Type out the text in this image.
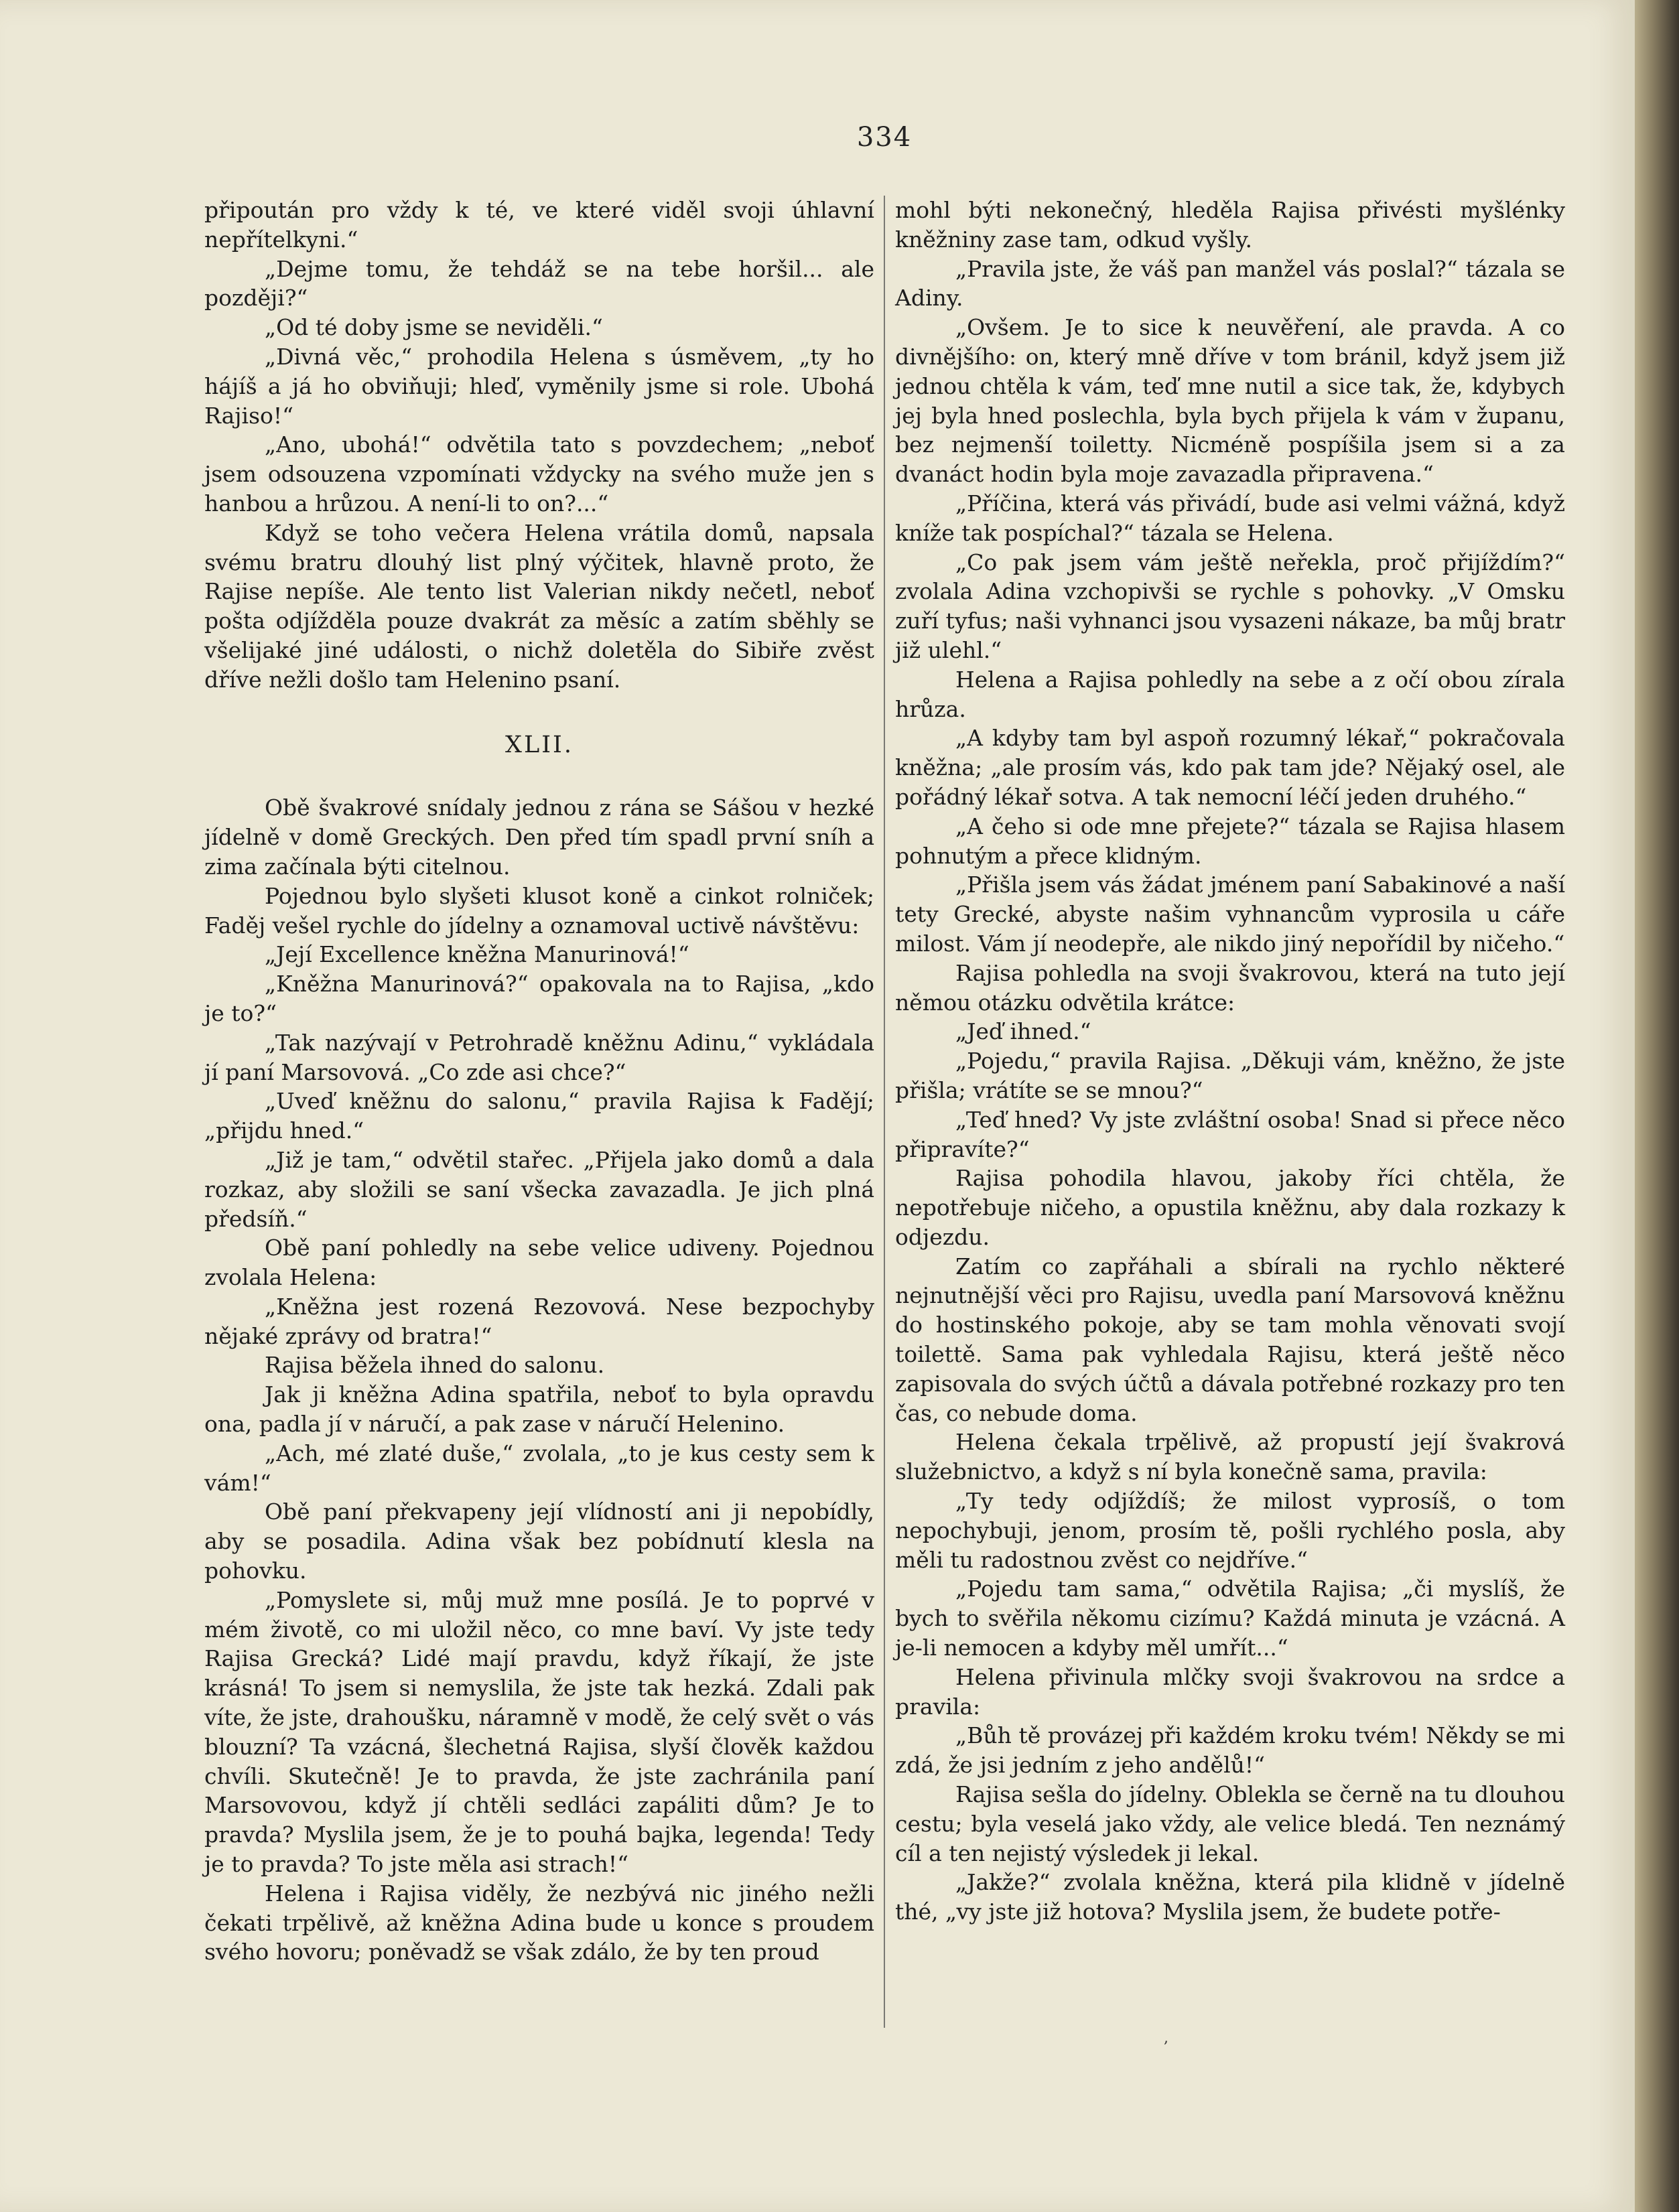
334

připoután pro vždy k té, ve které viděl svoji úhlavní nepřítelkyni.“

„Dejme tomu, že tehdáž se na tebe horšil... ale později?“

„Od té doby jsme se neviděli.“

„Divná věc,“ prohodila Helena s úsměvem, „ty ho hájíš a já ho obviňuji; hleď, vyměnily jsme si role. Ubohá Rajiso!“

„Ano, ubohá!“ odvětila tato s povzdechem; „neboť jsem odsouzena vzpomínati vždycky na svého muže jen s hanbou a hrůzou. A není-li to on?...“

Když se toho večera Helena vrátila domů, napsala svému bratru dlouhý list plný výčitek, hlavně proto, že Rajise nepíše. Ale tento list Valerian nikdy nečetl, neboť pošta odjížděla pouze dvakrát za měsíc a zatím sběhly se všelijaké jiné události, o nichž doletěla do Sibiře zvěst dříve nežli došlo tam Helenino psaní.

XLII.

Obě švakrové snídaly jednou z rána se Sášou v hezké jídelně v domě Greckých. Den před tím spadl první sníh a zima začínala býti citelnou.

Pojednou bylo slyšeti klusot koně a cinkot rolniček; Faděj vešel rychle do jídelny a oznamoval uctivě návštěvu:

„Její Excellence kněžna Manurinová!“

„Kněžna Manurinová?“ opakovala na to Rajisa, „kdo je to?“

„Tak nazývají v Petrohradě kněžnu Adinu,“ vykládala jí paní Marsovová. „Co zde asi chce?“

„Uveď kněžnu do salonu,“ pravila Rajisa k Fadějí; „přijdu hned.“

„Již je tam,“ odvětil stařec. „Přijela jako domů a dala rozkaz, aby složili se saní všecka zavazadla. Je jich plná předsíň.“

Obě paní pohledly na sebe velice udiveny. Pojednou zvolala Helena:

„Kněžna jest rozená Rezovová. Nese bezpochyby nějaké zprávy od bratra!“

Rajisa běžela ihned do salonu.

Jak ji kněžna Adina spatřila, neboť to byla opravdu ona, padla jí v náručí, a pak zase v náručí Helenino.

„Ach, mé zlaté duše,“ zvolala, „to je kus cesty sem k vám!“

Obě paní překvapeny její vlídností ani ji nepobídly, aby se posadila. Adina však bez pobídnutí klesla na pohovku.

„Pomyslete si, můj muž mne posílá. Je to poprvé v mém životě, co mi uložil něco, co mne baví. Vy jste tedy Rajisa Grecká? Lidé mají pravdu, když říkají, že jste krásná! To jsem si nemyslila, že jste tak hezká. Zdali pak víte, že jste, drahoušku, náramně v modě, že celý svět o vás blouzní? Ta vzácná, šlechetná Rajisa, slyší člověk každou chvíli. Skutečně! Je to pravda, že jste zachránila paní Marsovovou, když jí chtěli sedláci zapáliti dům? Je to pravda? Myslila jsem, že je to pouhá bajka, legenda! Tedy je to pravda? To jste měla asi strach!“

Helena i Rajisa viděly, že nezbývá nic jiného nežli čekati trpělivě, až kněžna Adina bude u konce s proudem svého hovoru; poněvadž se však zdálo, že by ten proud

mohl býti nekonečný, hleděla Rajisa přivésti myšlénky kněžniny zase tam, odkud vyšly.

„Pravila jste, že váš pan manžel vás poslal?“ tázala se Adiny.

„Ovšem. Je to sice k neuvěření, ale pravda. A co divnějšího: on, který mně dříve v tom bránil, když jsem již jednou chtěla k vám, teď mne nutil a sice tak, že, kdybych jej byla hned poslechla, byla bych přijela k vám v županu, bez nejmenší toiletty. Nicméně pospíšila jsem si a za dvanáct hodin byla moje zavazadla připravena.“

„Příčina, která vás přivádí, bude asi velmi vážná, když kníže tak pospíchal?“ tázala se Helena.

„Co pak jsem vám ještě neřekla, proč přijíždím?“ zvolala Adina vzchopivši se rychle s pohovky. „V Omsku zuří tyfus; naši vyhnanci jsou vysazeni nákaze, ba můj bratr již ulehl.“

Helena a Rajisa pohledly na sebe a z očí obou zírala hrůza.

„A kdyby tam byl aspoň rozumný lékař,“ pokračovala kněžna; „ale prosím vás, kdo pak tam jde? Nějaký osel, ale pořádný lékař sotva. A tak nemocní léčí jeden druhého.“

„A čeho si ode mne přejete?“ tázala se Rajisa hlasem pohnutým a přece klidným.

„Přišla jsem vás žádat jménem paní Sabakinové a naší tety Grecké, abyste našim vyhnancům vyprosila u cáře milost. Vám jí neodepře, ale nikdo jiný nepořídil by ničeho.“

Rajisa pohledla na svoji švakrovou, která na tuto její němou otázku odvětila krátce:

„Jeď ihned.“

„Pojedu,“ pravila Rajisa. „Děkuji vám, kněžno, že jste přišla; vrátíte se se mnou?“

„Teď hned? Vy jste zvláštní osoba! Snad si přece něco připravíte?“

Rajisa pohodila hlavou, jakoby říci chtěla, že nepotřebuje ničeho, a opustila kněžnu, aby dala rozkazy k odjezdu.

Zatím co zapřáhali a sbírali na rychlo některé nejnutnější věci pro Rajisu, uvedla paní Marsovová kněžnu do hostinského pokoje, aby se tam mohla věnovati svojí toilettě. Sama pak vyhledala Rajisu, která ještě něco zapisovala do svých účtů a dávala potřebné rozkazy pro ten čas, co nebude doma.

Helena čekala trpělivě, až propustí její švakrová služebnictvo, a když s ní byla konečně sama, pravila:

„Ty tedy odjíždíš; že milost vyprosíš, o tom nepochybuji, jenom, prosím tě, pošli rychlého posla, aby měli tu radostnou zvěst co nejdříve.“

„Pojedu tam sama,“ odvětila Rajisa; „či myslíš, že bych to svěřila někomu cizímu? Každá minuta je vzácná. A je-li nemocen a kdyby měl umřít...“

Helena přivinula mlčky svoji švakrovou na srdce a pravila:

„Bůh tě provázej při každém kroku tvém! Někdy se mi zdá, že jsi jedním z jeho andělů!“

Rajisa sešla do jídelny. Oblekla se černě na tu dlouhou cestu; byla veselá jako vždy, ale velice bledá. Ten neznámý cíl a ten nejistý výsledek ji lekal.

„Jakže?“ zvolala kněžna, která pila klidně v jídelně thé, „vy jste již hotova? Myslila jsem, že budete potře-

,
